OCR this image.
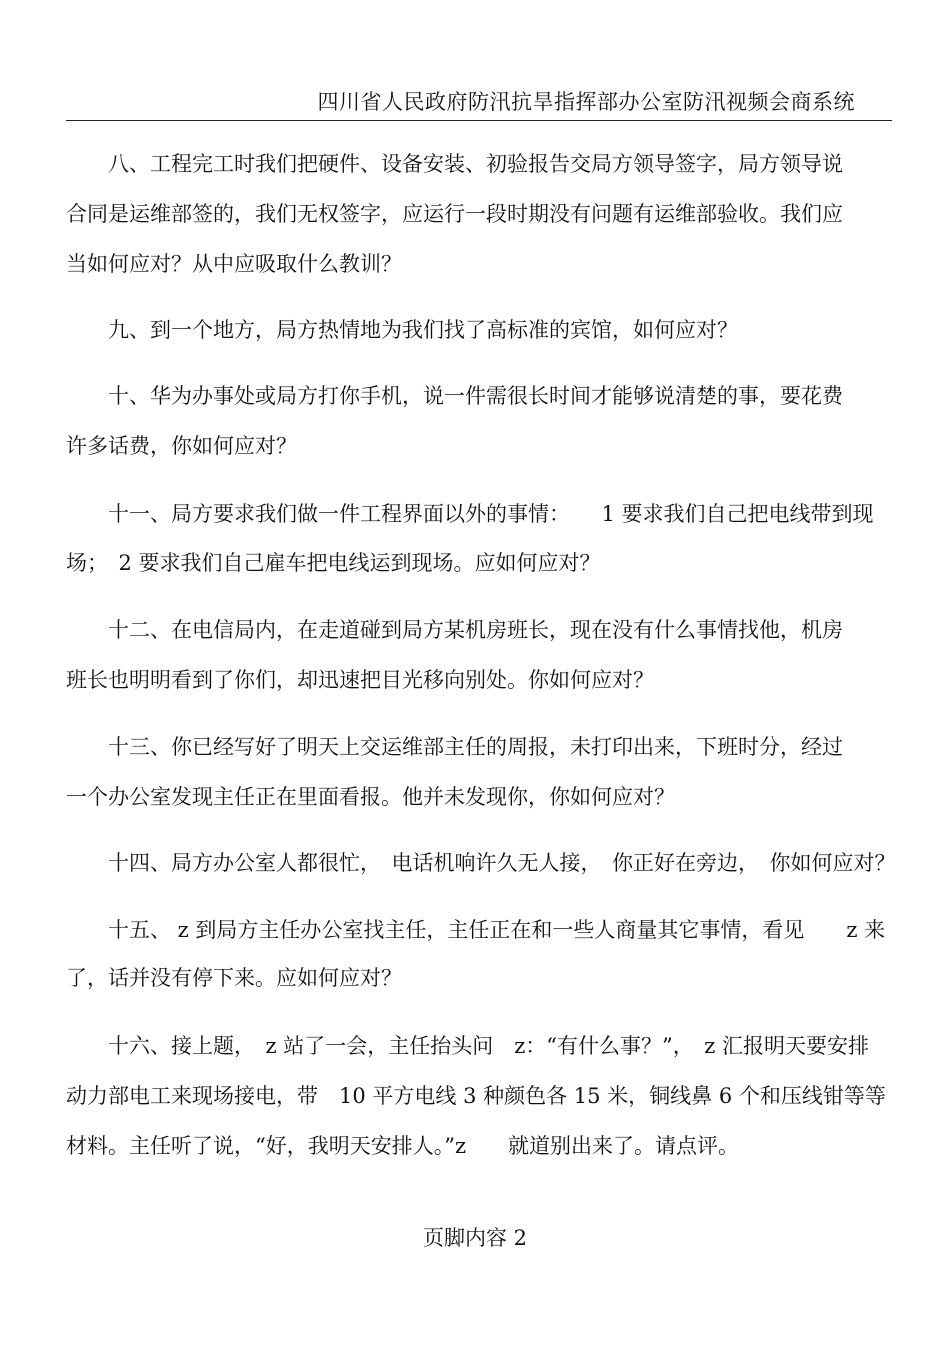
四川省人民政府防汛抗旱指挥部办公室防汛视频会商系统
八、工程完工时我们把硬件、设备安装、初验报告交局方领导签字，局方领导说
合同是运维部签的，我们无权签字，应运行一段时期没有问题有运维部验收。我们应
当如何应对？从中应吸取什么教训？
九、到一个地方，局方热情地为我们找了高标准的宾馆，如何应对？
十、华为办事处或局方打你手机，说一件需很长时间才能够说清楚的事，要花费
许多话费，你如何应对？
十一、局方要求我们做一件工程界面以外的事情：　　1 要求我们自己把电线带到现
场；　2 要求我们自己雇车把电线运到现场。应如何应对？
十二、在电信局内，在走道碰到局方某机房班长，现在没有什么事情找他，机房
班长也明明看到了你们，却迅速把目光移向别处。你如何应对？
十三、你已经写好了明天上交运维部主任的周报，未打印出来，下班时分，经过
一个办公室发现主任正在里面看报。他并未发现你，你如何应对？
十四、局方办公室人都很忙，　电话机响许久无人接，　你正好在旁边，　你如何应对？
十五、 z 到局方主任办公室找主任，主任正在和一些人商量其它事情，看见　　z 来
了，话并没有停下来。应如何应对？
十六、接上题，　z 站了一会，主任抬头问　z：“有什么事？”，　z 汇报明天要安排
动力部电工来现场接电，带　10 平方电线 3 种颜色各 15 米，铜线鼻 6 个和压线钳等等
材料。主任听了说，“好，我明天安排人。”z　　就道别出来了。请点评。
页脚内容 2
